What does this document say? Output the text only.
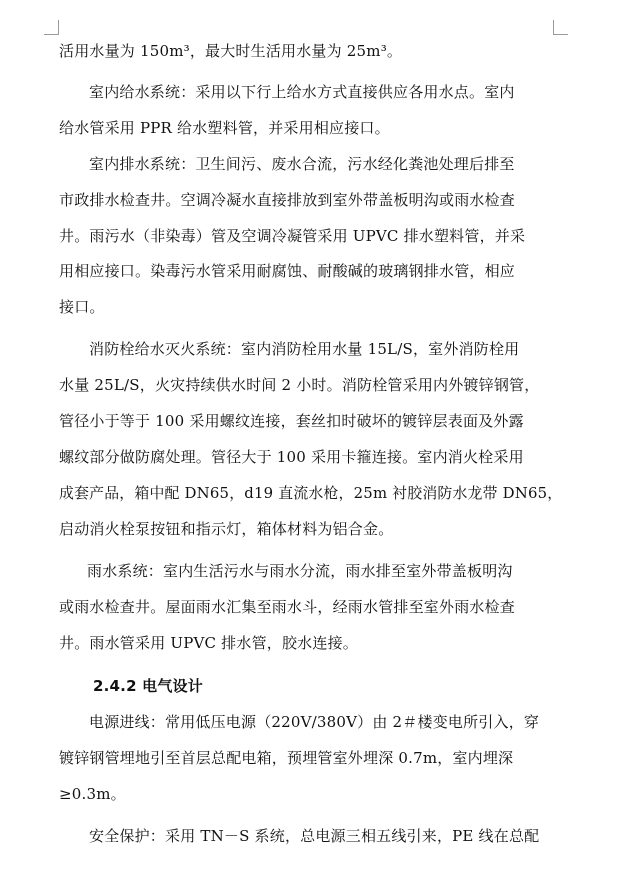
活用水量为 150m³，最大时生活用水量为 25m³。
室内给水系统：采用以下行上给水方式直接供应各用水点。室内
给水管采用 PPR 给水塑料管，并采用相应接口。
室内排水系统：卫生间污、废水合流，污水经化粪池处理后排至
市政排水检查井。空调冷凝水直接排放到室外带盖板明沟或雨水检查
井。雨污水（非染毒）管及空调冷凝管采用 UPVC 排水塑料管，并采
用相应接口。染毒污水管采用耐腐蚀、耐酸碱的玻璃钢排水管，相应
接口。
消防栓给水灭火系统：室内消防栓用水量 15L/S，室外消防栓用
水量 25L/S，火灾持续供水时间 2 小时。消防栓管采用内外镀锌钢管，
管径小于等于 100 采用螺纹连接，套丝扣时破坏的镀锌层表面及外露
螺纹部分做防腐处理。管径大于 100 采用卡箍连接。室内消火栓采用
成套产品，箱中配 DN65，d19 直流水枪，25m 衬胶消防水龙带 DN65，
启动消火栓泵按钮和指示灯，箱体材料为铝合金。
雨水系统：室内生活污水与雨水分流，雨水排至室外带盖板明沟
或雨水检查井。屋面雨水汇集至雨水斗，经雨水管排至室外雨水检查
井。雨水管采用 UPVC 排水管，胶水连接。
2.4.2 电气设计
电源进线：常用低压电源（220V/380V）由 2＃楼变电所引入，穿
镀锌钢管埋地引至首层总配电箱，预埋管室外埋深 0.7m，室内埋深
≥0.3m。
安全保护：采用 TN－S 系统，总电源三相五线引来，PE 线在总配
